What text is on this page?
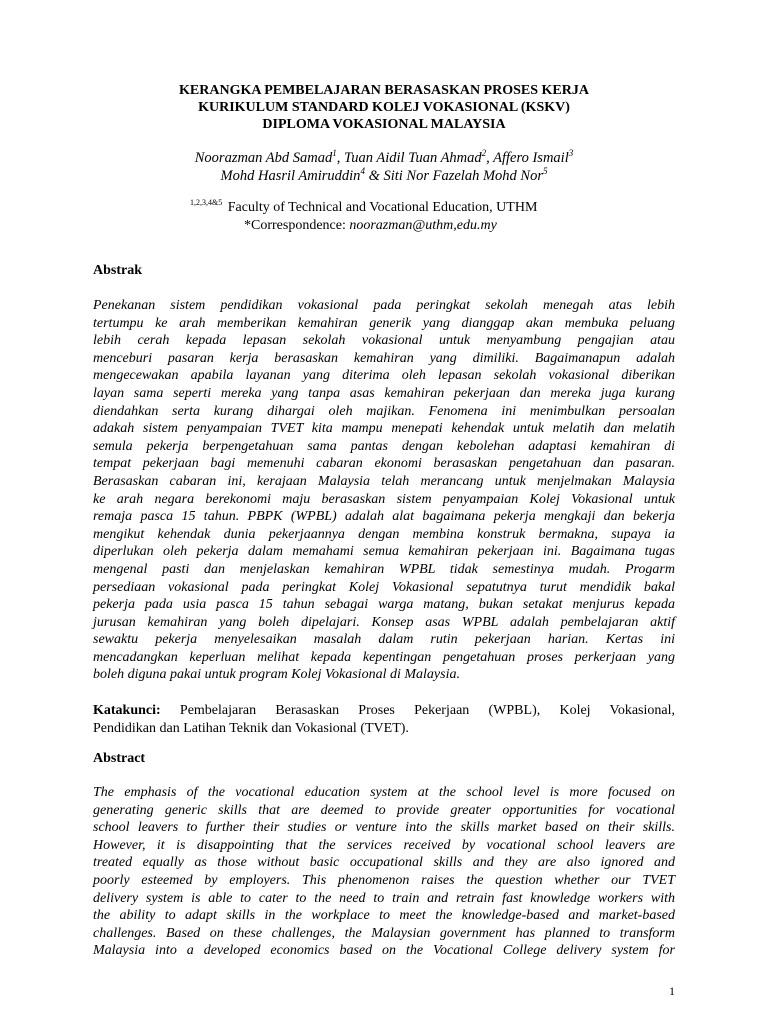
KERANGKA PEMBELAJARAN BERASASKAN PROSES KERJA
KURIKULUM STANDARD KOLEJ VOKASIONAL (KSKV)
DIPLOMA VOKASIONAL MALAYSIA
Noorazman Abd Samad$^1$, Tuan Aidil Tuan Ahmad$^2$, Affero Ismail$^3$
Mohd Hasril Amiruddin$^4$ & Siti Nor Fazelah Mohd Nor$^5$
$^{1,2,3,4\&5}$ Faculty of Technical and Vocational Education, UTHM
*Correspondence: noorazman@uthm,edu.my
Abstrak
Penekanan sistem pendidikan vokasional pada peringkat sekolah menegah atas lebih
tertumpu ke arah memberikan kemahiran generik yang dianggap akan membuka peluang
lebih cerah kepada lepasan sekolah vokasional untuk menyambung pengajian atau
menceburi pasaran kerja berasaskan kemahiran yang dimiliki. Bagaimanapun adalah
mengecewakan apabila layanan yang diterima oleh lepasan sekolah vokasional diberikan
layan sama seperti mereka yang tanpa asas kemahiran pekerjaan dan mereka juga kurang
diendahkan serta kurang dihargai oleh majikan. Fenomena ini menimbulkan persoalan
adakah sistem penyampaian TVET kita mampu menepati kehendak untuk melatih dan melatih
semula pekerja berpengetahuan sama pantas dengan kebolehan adaptasi kemahiran di
tempat pekerjaan bagi memenuhi cabaran ekonomi berasaskan pengetahuan dan pasaran.
Berasaskan cabaran ini, kerajaan Malaysia telah merancang untuk menjelmakan Malaysia
ke arah negara berekonomi maju berasaskan sistem penyampaian Kolej Vokasional untuk
remaja pasca 15 tahun. PBPK (WPBL) adalah alat bagaimana pekerja mengkaji dan bekerja
mengikut kehendak dunia pekerjaannya dengan membina konstruk bermakna, supaya ia
diperlukan oleh pekerja dalam memahami semua kemahiran pekerjaan ini. Bagaimana tugas
mengenal pasti dan menjelaskan kemahiran WPBL tidak semestinya mudah. Progarm
persediaan vokasional pada peringkat Kolej Vokasional sepatutnya turut mendidik bakal
pekerja pada usia pasca 15 tahun sebagai warga matang, bukan setakat menjurus kepada
jurusan kemahiran yang boleh dipelajari. Konsep asas WPBL adalah pembelajaran aktif
sewaktu pekerja menyelesaikan masalah dalam rutin pekerjaan harian. Kertas ini
mencadangkan keperluan melihat kepada kepentingan pengetahuan proses perkerjaan yang
boleh diguna pakai untuk program Kolej Vokasional di Malaysia.
Katakunci: Pembelajaran Berasaskan Proses Pekerjaan (WPBL), Kolej Vokasional,
Pendidikan dan Latihan Teknik dan Vokasional (TVET).
Abstract
The emphasis of the vocational education system at the school level is more focused on
generating generic skills that are deemed to provide greater opportunities for vocational
school leavers to further their studies or venture into the skills market based on their skills.
However, it is disappointing that the services received by vocational school leavers are
treated equally as those without basic occupational skills and they are also ignored and
poorly esteemed by employers. This phenomenon raises the question whether our TVET
delivery system is able to cater to the need to train and retrain fast knowledge workers with
the ability to adapt skills in the workplace to meet the knowledge-based and market-based
challenges. Based on these challenges, the Malaysian government has planned to transform
Malaysia into a developed economics based on the Vocational College delivery system for
1
